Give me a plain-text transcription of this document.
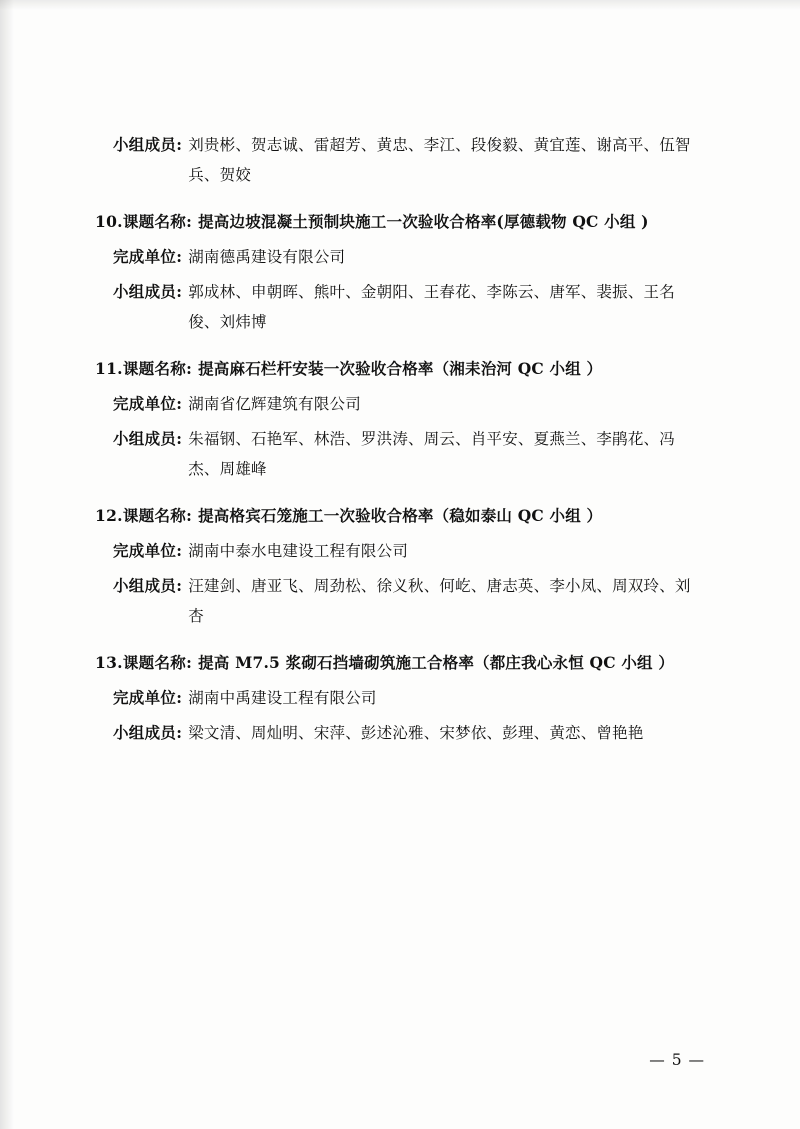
小组成员: 刘贵彬、贺志诚、雷超芳、黄忠、李江、段俊毅、黄宜莲、谢高平、伍智兵、贺姣
10. 课题名称: 提高边坡混凝土预制块施工一次验收合格率(厚德载物 QC 小组 )
完成单位: 湖南德禹建设有限公司
小组成员: 郭成林、申朝晖、熊叶、金朝阳、王春花、李陈云、唐军、裴振、王名俊、刘炜博
11. 课题名称: 提高麻石栏杆安装一次验收合格率（湘耒治河 QC 小组 ）
完成单位: 湖南省亿辉建筑有限公司
小组成员: 朱福钢、石艳军、林浩、罗洪涛、周云、肖平安、夏燕兰、李鹃花、冯杰、周雄峰
12. 课题名称: 提高格宾石笼施工一次验收合格率（稳如泰山 QC 小组 ）
完成单位: 湖南中泰水电建设工程有限公司
小组成员: 汪建剑、唐亚飞、周劲松、徐义秋、何屹、唐志英、李小凤、周双玲、刘杏
13. 课题名称: 提高 M7.5 浆砌石挡墙砌筑施工合格率（都庄我心永恒 QC 小组 ）
完成单位: 湖南中禹建设工程有限公司
小组成员: 梁文清、周灿明、宋萍、彭述沁雅、宋梦依、彭理、黄恋、曾艳艳
— 5 —
